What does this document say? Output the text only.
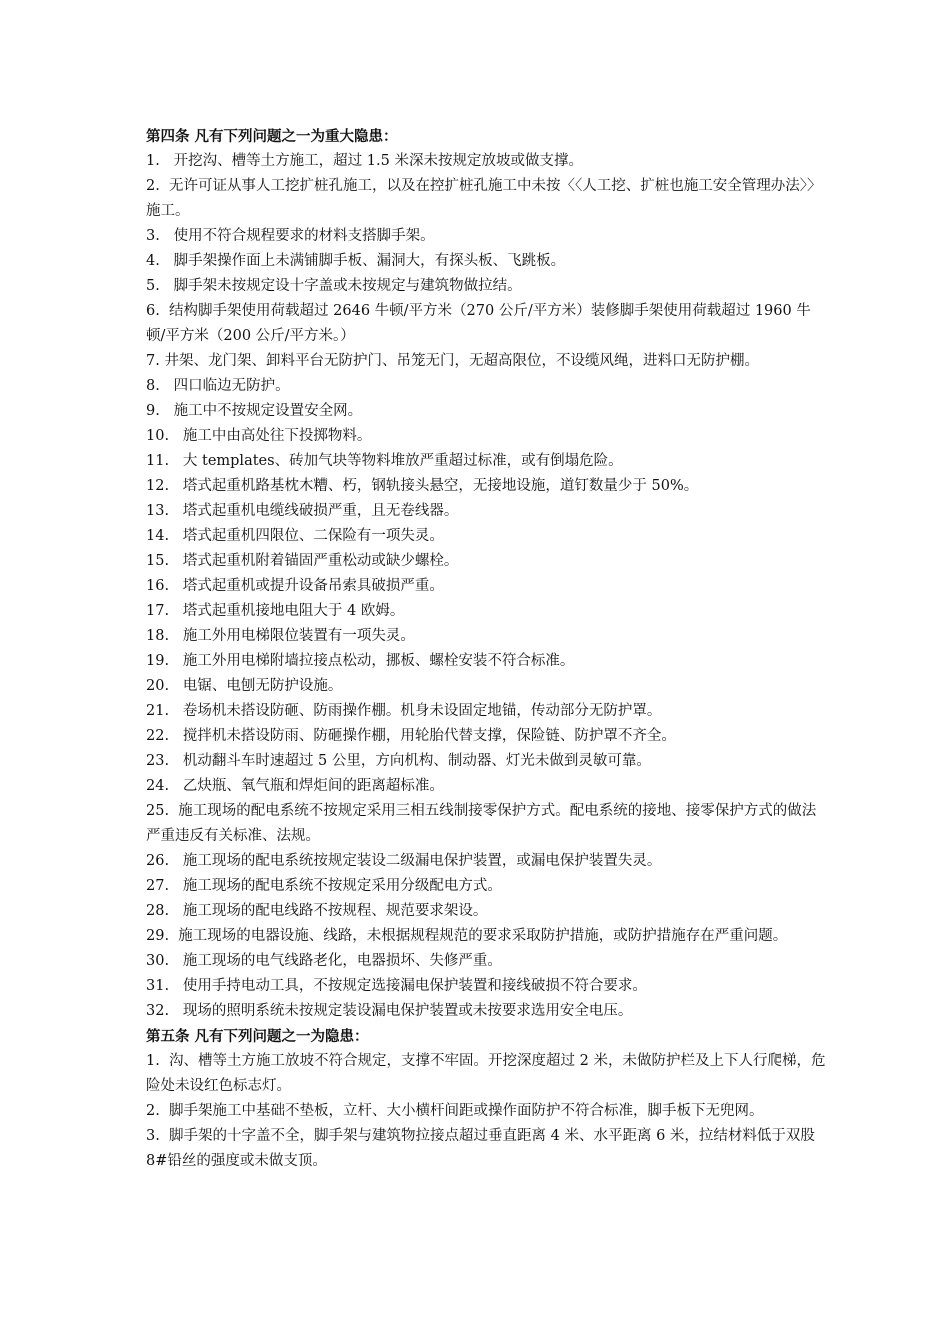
第四条 凡有下列问题之一为重大隐患：
1.   开挖沟、槽等土方施工，超过 1.5 米深未按规定放坡或做支撑。
2.  无许可证从事人工挖扩桩孔施工，以及在控扩桩孔施工中未按〈〈人工挖、扩桩也施工安全管理办法〉〉施工。
3.   使用不符合规程要求的材料支搭脚手架。
4.   脚手架操作面上未满铺脚手板、漏洞大，有探头板、飞跳板。
5.   脚手架未按规定设十字盖或未按规定与建筑物做拉结。
6.  结构脚手架使用荷载超过 2646 牛顿/平方米（270 公斤/平方米）装修脚手架使用荷载超过 1960 牛顿/平方米（200 公斤/平方米。）
7. 井架、龙门架、卸料平台无防护门、吊笼无门，无超高限位，不设缆风绳，进料口无防护棚。
8.   四口临边无防护。
9.   施工中不按规定设置安全网。
10.   施工中由高处往下投掷物料。
11.   大 templates、砖加气块等物料堆放严重超过标准，或有倒塌危险。
12.   塔式起重机路基枕木糟、朽，钢轨接头悬空，无接地设施，道钉数量少于 50%。
13.   塔式起重机电缆线破损严重，且无卷线器。
14.   塔式起重机四限位、二保险有一项失灵。
15.   塔式起重机附着锚固严重松动或缺少螺栓。
16.   塔式起重机或提升设备吊索具破损严重。
17.   塔式起重机接地电阻大于 4 欧姆。
18.   施工外用电梯限位装置有一项失灵。
19.   施工外用电梯附墙拉接点松动，挪板、螺栓安装不符合标准。
20.   电锯、电刨无防护设施。
21.   卷场机未搭设防砸、防雨操作棚。机身未设固定地锚，传动部分无防护罩。
22.   搅拌机未搭设防雨、防砸操作棚，用轮胎代替支撑，保险链、防护罩不齐全。
23.   机动翻斗车时速超过 5 公里，方向机构、制动器、灯光未做到灵敏可靠。
24.   乙炔瓶、氧气瓶和焊炬间的距离超标准。
25.  施工现场的配电系统不按规定采用三相五线制接零保护方式。配电系统的接地、接零保护方式的做法严重违反有关标准、法规。
26.   施工现场的配电系统按规定装设二级漏电保护装置，或漏电保护装置失灵。
27.   施工现场的配电系统不按规定采用分级配电方式。
28.   施工现场的配电线路不按规程、规范要求架设。
29.  施工现场的电器设施、线路，未根据规程规范的要求采取防护措施，或防护措施存在严重问题。
30.   施工现场的电气线路老化，电器损坏、失修严重。
31.   使用手持电动工具，不按规定选接漏电保护装置和接线破损不符合要求。
32.   现场的照明系统未按规定装设漏电保护装置或未按要求选用安全电压。
第五条 凡有下列问题之一为隐患：
1.  沟、槽等土方施工放坡不符合规定，支撑不牢固。开挖深度超过 2 米，未做防护栏及上下人行爬梯，危险处未设红色标志灯。
2.  脚手架施工中基础不垫板，立杆、大小横杆间距或操作面防护不符合标准，脚手板下无兜网。
3.  脚手架的十字盖不全，脚手架与建筑物拉接点超过垂直距离 4 米、水平距离 6 米，拉结材料低于双股 8#铅丝的强度或未做支顶。
